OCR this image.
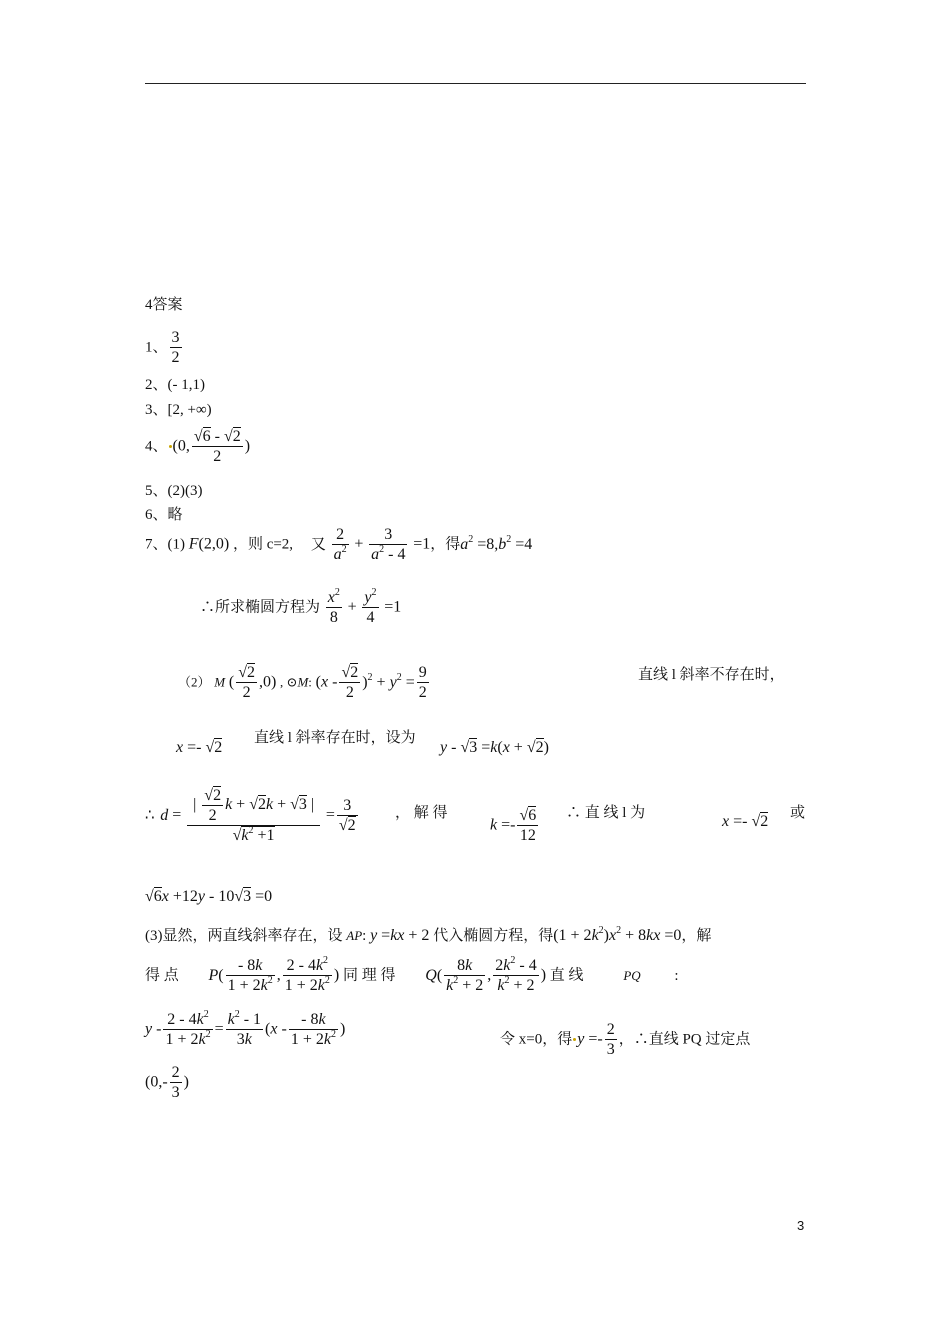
4答案
1、 $\frac{3}{2}$
2、(- 1,1)
3、[2, +∞)
4、 (0, $\frac{√6 - √2}{2}$ )
5、(2)(3)
6、略
7、(1) F(2,0) ，则 c=2, 又 $\frac{2}{a^2} + \frac{3}{a^2 - 4} =1$，得$a^2 =8,b^2 =4$
∴所求椭圆方程为 $\frac{x^2}{8} + \frac{y^2}{4} =1$
（2） M ( $\frac{√2}{2} ,0$) , ⊙M: $(x - \frac{√2}{2} )^2 + y^2 = \frac{9}{2}$	直线 l 斜率不存在时，
x =- √2
直线 l 斜率存在时，设为
y - √3 =k(x + √2)
∴ $d = \frac{| \frac{√2}{2} k + √2k + √3 |}{√k^2 +1} = \frac{3}{√2}$ ， 解 得
$k =- \frac{√6}{12}$ ∴ 直 线 l 为	x =- √2 或
√6x +12y - 10√3 =0
(3)显然，两直线斜率存在，设 AP: y =kx + 2 代入椭圆方程，得$(1 + 2k^2)x^2 + 8kx =0$，解
得 点 $P( \frac{- 8k}{1 + 2k^2}$ , $\frac{2 - 4k^2}{1 + 2k^2}$ ) 同 理 得 $Q( \frac{8k}{k^2 + 2}$ , $\frac{2k^2 - 4}{k^2 + 2}$ ) 直 线	PQ :
$y - \frac{2 - 4k^2}{1 + 2k^2} = \frac{k^2 - 1}{3k} (x - \frac{- 8k}{1 + 2k^2}$ )
令 x=0，得 $y =- \frac{2}{3}$ ，∴直线 PQ 过定点
($0,- \frac{2}{3}$ )
3
